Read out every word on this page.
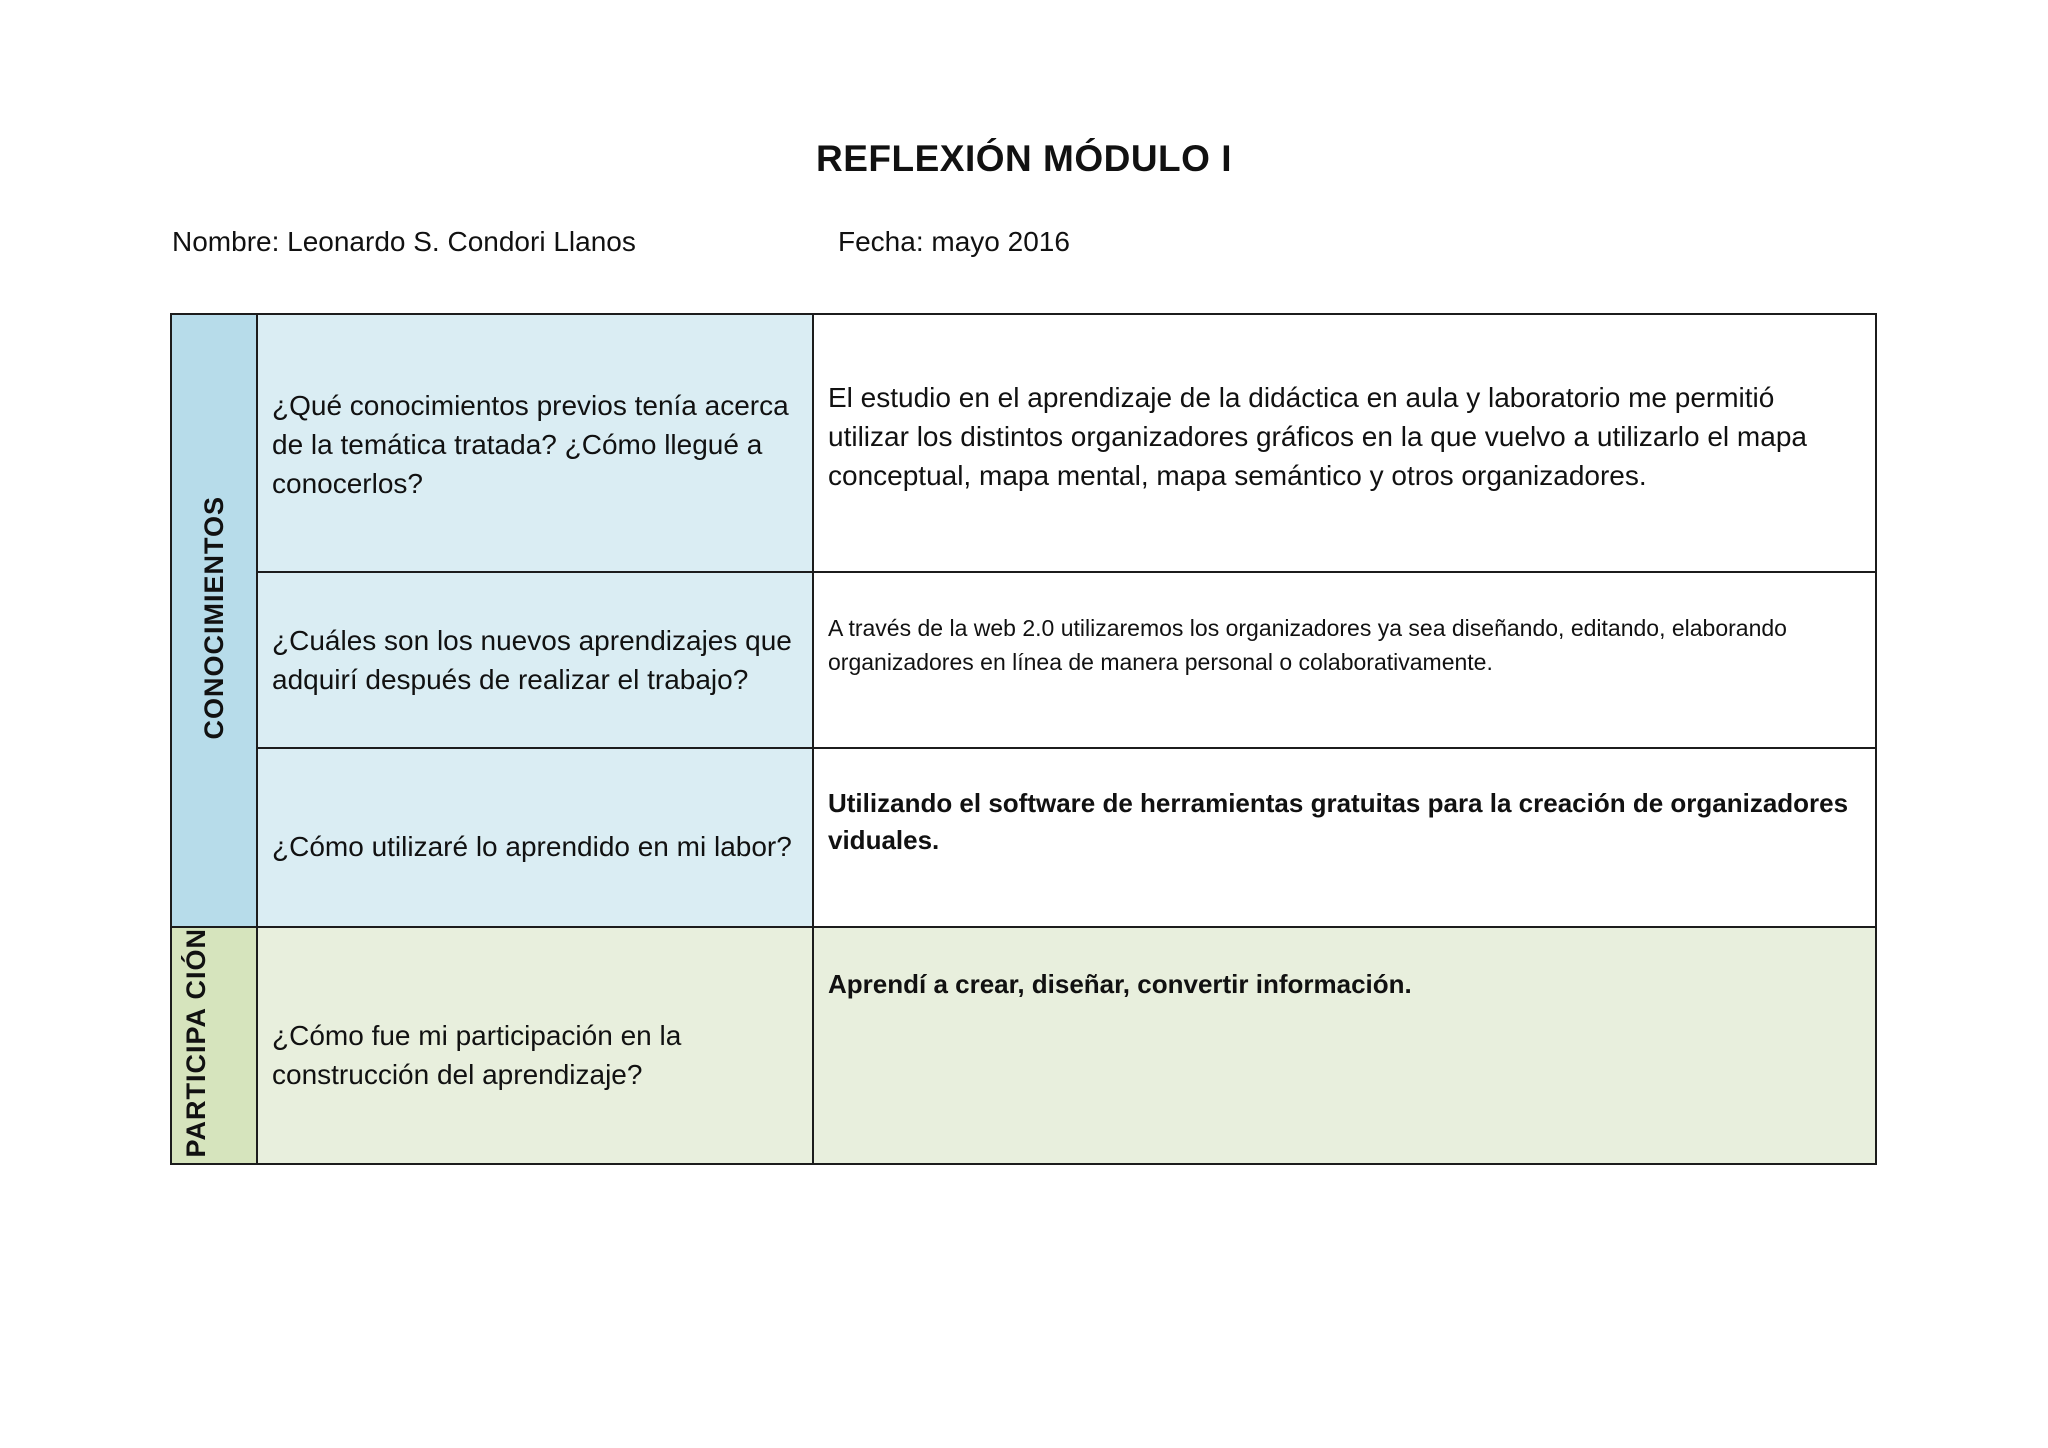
REFLEXIÓN MÓDULO I
Nombre: Leonardo S. Condori Llanos	Fecha: mayo 2016
CONOCIMIENTOS	¿Qué conocimientos previos tenía acerca de la temática tratada? ¿Cómo llegué a conocerlos?	El estudio en el aprendizaje de la didáctica en aula y laboratorio me permitió utilizar los distintos organizadores gráficos en la que vuelvo a utilizarlo el mapa conceptual, mapa mental, mapa semántico y otros organizadores.
	¿Cuáles son los nuevos aprendizajes que adquirí después de realizar el trabajo?	A través de la web 2.0 utilizaremos los organizadores ya sea diseñando, editando, elaborando organizadores en línea de manera personal o colaborativamente.
	¿Cómo utilizaré lo aprendido en mi labor?	Utilizando el software de herramientas gratuitas para la creación de organizadores viduales.
PARTICIPA CIÓN	¿Cómo fue mi participación en la construcción del aprendizaje?	Aprendí a crear, diseñar, convertir información.
